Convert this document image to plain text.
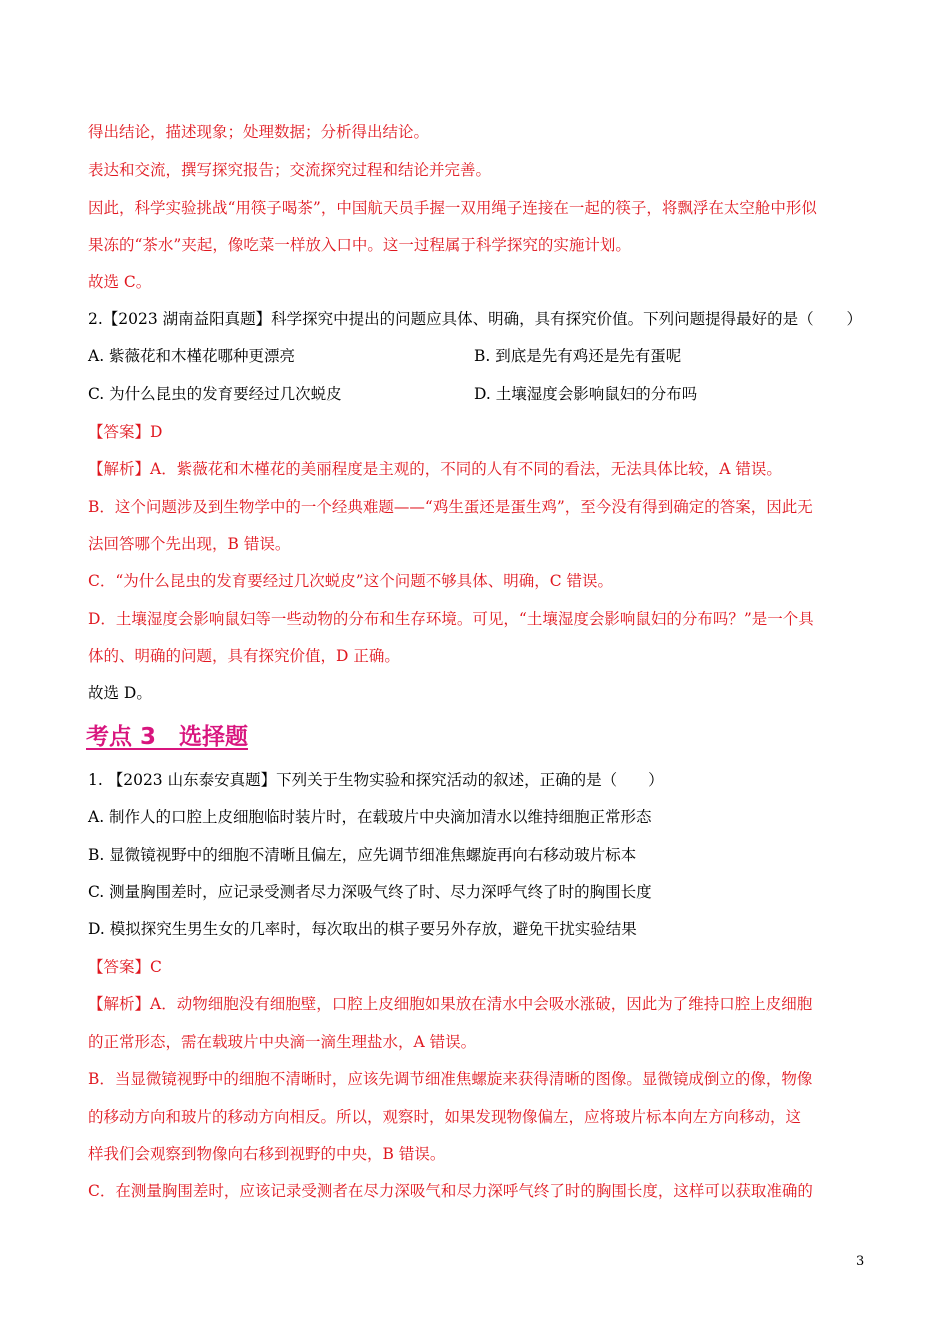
得出结论，描述现象；处理数据；分析得出结论。
表达和交流，撰写探究报告；交流探究过程和结论并完善。
因此，科学实验挑战“用筷子喝茶”，中国航天员手握一双用绳子连接在一起的筷子，将飘浮在太空舱中形似
果冻的“茶水”夹起，像吃菜一样放入口中。这一过程属于科学探究的实施计划。
故选 C。
2.【2023 湖南益阳真题】科学探究中提出的问题应具体、明确，具有探究价值。下列问题提得最好的是（ ）
A. 紫薇花和木槿花哪种更漂亮	B. 到底是先有鸡还是先有蛋呢
C. 为什么昆虫的发育要经过几次蜕皮	D. 土壤湿度会影响鼠妇的分布吗
【答案】D
【解析】A．紫薇花和木槿花的美丽程度是主观的，不同的人有不同的看法，无法具体比较，A 错误。
B．这个问题涉及到生物学中的一个经典难题——“鸡生蛋还是蛋生鸡”，至今没有得到确定的答案，因此无
法回答哪个先出现，B 错误。
C．“为什么昆虫的发育要经过几次蜕皮”这个问题不够具体、明确，C 错误。
D．土壤湿度会影响鼠妇等一些动物的分布和生存环境。可见，“土壤湿度会影响鼠妇的分布吗？”是一个具
体的、明确的问题，具有探究价值，D 正确。
故选 D。
考点 3　选择题
1. 【2023 山东泰安真题】下列关于生物实验和探究活动的叙述，正确的是（　　）
A. 制作人的口腔上皮细胞临时装片时，在载玻片中央滴加清水以维持细胞正常形态
B. 显微镜视野中的细胞不清晰且偏左，应先调节细准焦螺旋再向右移动玻片标本
C. 测量胸围差时，应记录受测者尽力深吸气终了时、尽力深呼气终了时的胸围长度
D. 模拟探究生男生女的几率时，每次取出的棋子要另外存放，避免干扰实验结果
【答案】C
【解析】A．动物细胞没有细胞壁，口腔上皮细胞如果放在清水中会吸水涨破，因此为了维持口腔上皮细胞
的正常形态，需在载玻片中央滴一滴生理盐水，A 错误。
B．当显微镜视野中的细胞不清晰时，应该先调节细准焦螺旋来获得清晰的图像。显微镜成倒立的像，物像
的移动方向和玻片的移动方向相反。所以，观察时，如果发现物像偏左，应将玻片标本向左方向移动，这
样我们会观察到物像向右移到视野的中央，B 错误。
C．在测量胸围差时，应该记录受测者在尽力深吸气和尽力深呼气终了时的胸围长度，这样可以获取准确的
3
